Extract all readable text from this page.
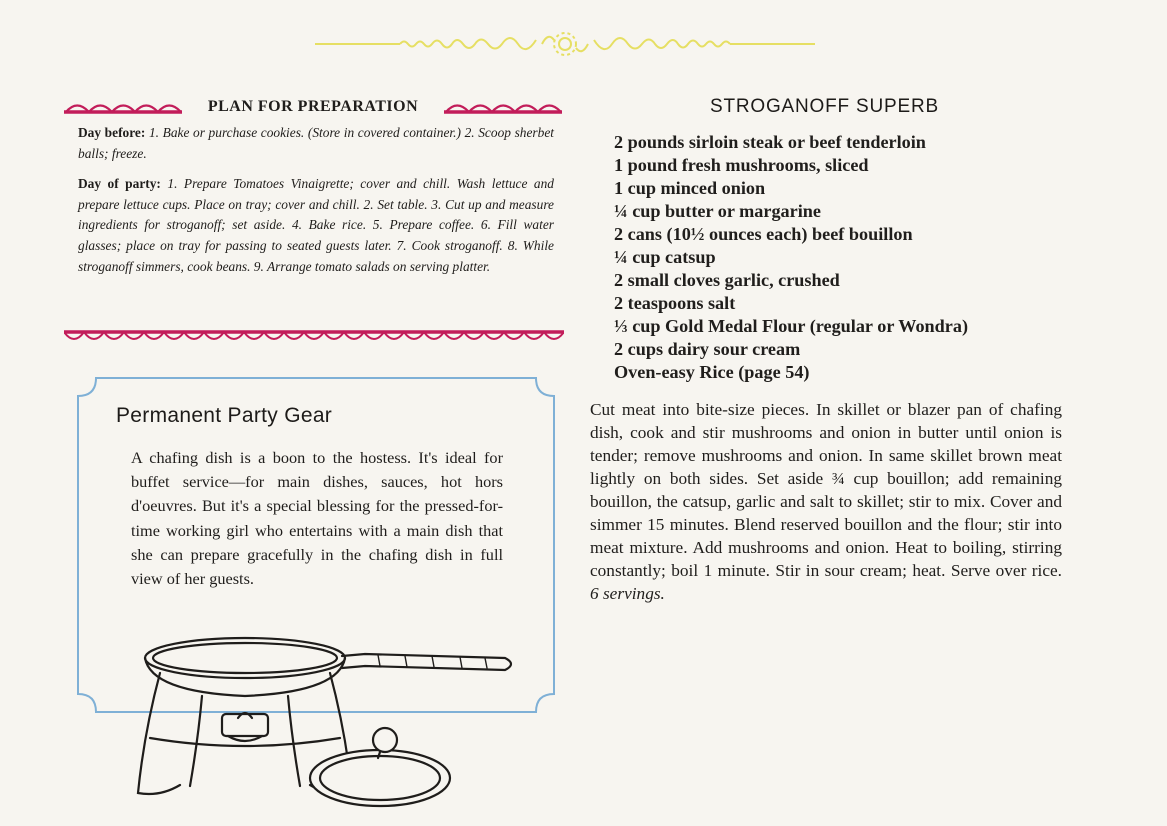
PLAN FOR PREPARATION

Day before: 1. Bake or purchase cookies. (Store in covered container.) 2. Scoop sherbet balls; freeze.

Day of party: 1. Prepare Tomatoes Vinaigrette; cover and chill. Wash lettuce and prepare lettuce cups. Place on tray; cover and chill. 2. Set table. 3. Cut up and measure ingredients for stroganoff; set aside. 4. Bake rice. 5. Prepare coffee. 6. Fill water glasses; place on tray for passing to seated guests later. 7. Cook stroganoff. 8. While stroganoff simmers, cook beans. 9. Arrange tomato salads on serving platter.

Permanent Party Gear
A chafing dish is a boon to the hostess. It's ideal for buffet service—for main dishes, sauces, hot hors d'oeuvres. But it's a special blessing for the pressed-for-time working girl who entertains with a main dish that she can prepare gracefully in the chafing dish in full view of her guests.
STROGANOFF SUPERB
2 pounds sirloin steak or beef tenderloin
1 pound fresh mushrooms, sliced
1 cup minced onion
¼ cup butter or margarine
2 cans (10½ ounces each) beef bouillon
¼ cup catsup
2 small cloves garlic, crushed
2 teaspoons salt
⅓ cup Gold Medal Flour (regular or Wondra)
2 cups dairy sour cream
Oven-easy Rice (page 54)

Cut meat into bite-size pieces. In skillet or blazer pan of chafing dish, cook and stir mushrooms and onion in butter until onion is tender; remove mushrooms and onion. In same skillet brown meat lightly on both sides. Set aside ¾ cup bouillon; add remaining bouillon, the catsup, garlic and salt to skillet; stir to mix. Cover and simmer 15 minutes. Blend reserved bouillon and the flour; stir into meat mixture. Add mushrooms and onion. Heat to boiling, stirring constantly; boil 1 minute. Stir in sour cream; heat. Serve over rice. 6 servings.
